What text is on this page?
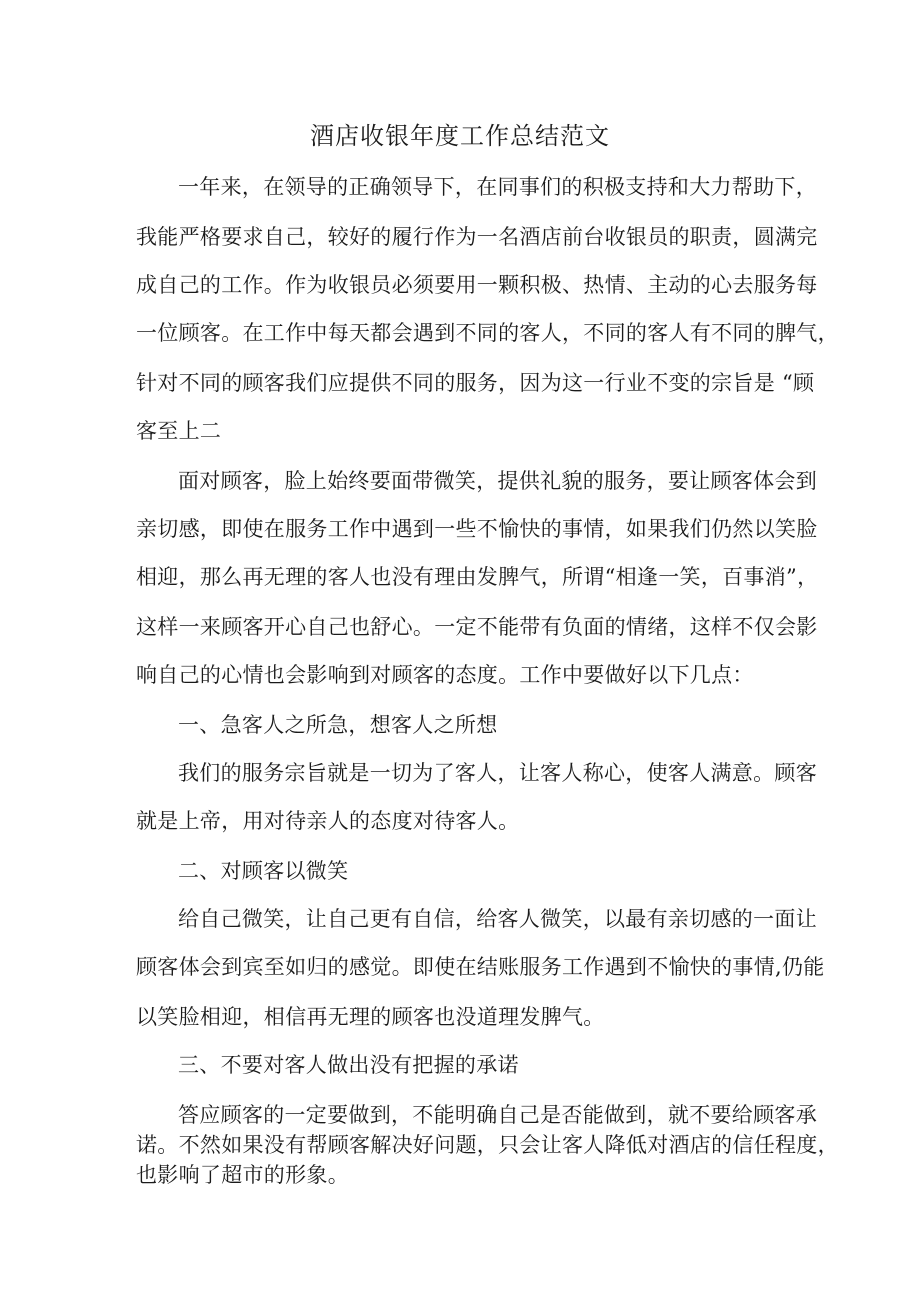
酒店收银年度工作总结范文
一年来，在领导的正确领导下，在同事们的积极支持和大力帮助下，
我能严格要求自己，较好的履行作为一名酒店前台收银员的职责，圆满完
成自己的工作。作为收银员必须要用一颗积极、热情、主动的心去服务每
一位顾客。在工作中每天都会遇到不同的客人，不同的客人有不同的脾气，
针对不同的顾客我们应提供不同的服务，因为这一行业不变的宗旨是 “顾
客至上二
面对顾客，脸上始终要面带微笑，提供礼貌的服务，要让顾客体会到
亲切感，即使在服务工作中遇到一些不愉快的事情，如果我们仍然以笑脸
相迎，那么再无理的客人也没有理由发脾气，所谓“相逢一笑，百事消”，
这样一来顾客开心自己也舒心。一定不能带有负面的情绪，这样不仅会影
响自己的心情也会影响到对顾客的态度。工作中要做好以下几点：
一、急客人之所急，想客人之所想
我们的服务宗旨就是一切为了客人，让客人称心，使客人满意。顾客
就是上帝，用对待亲人的态度对待客人。
二、对顾客以微笑
给自己微笑，让自己更有自信，给客人微笑，以最有亲切感的一面让
顾客体会到宾至如归的感觉。即使在结账服务工作遇到不愉快的事情,仍能
以笑脸相迎，相信再无理的顾客也没道理发脾气。
三、不要对客人做出没有把握的承诺
答应顾客的一定要做到，不能明确自己是否能做到，就不要给顾客承
诺。不然如果没有帮顾客解决好问题，只会让客人降低对酒店的信任程度，
也影响了超市的形象。
